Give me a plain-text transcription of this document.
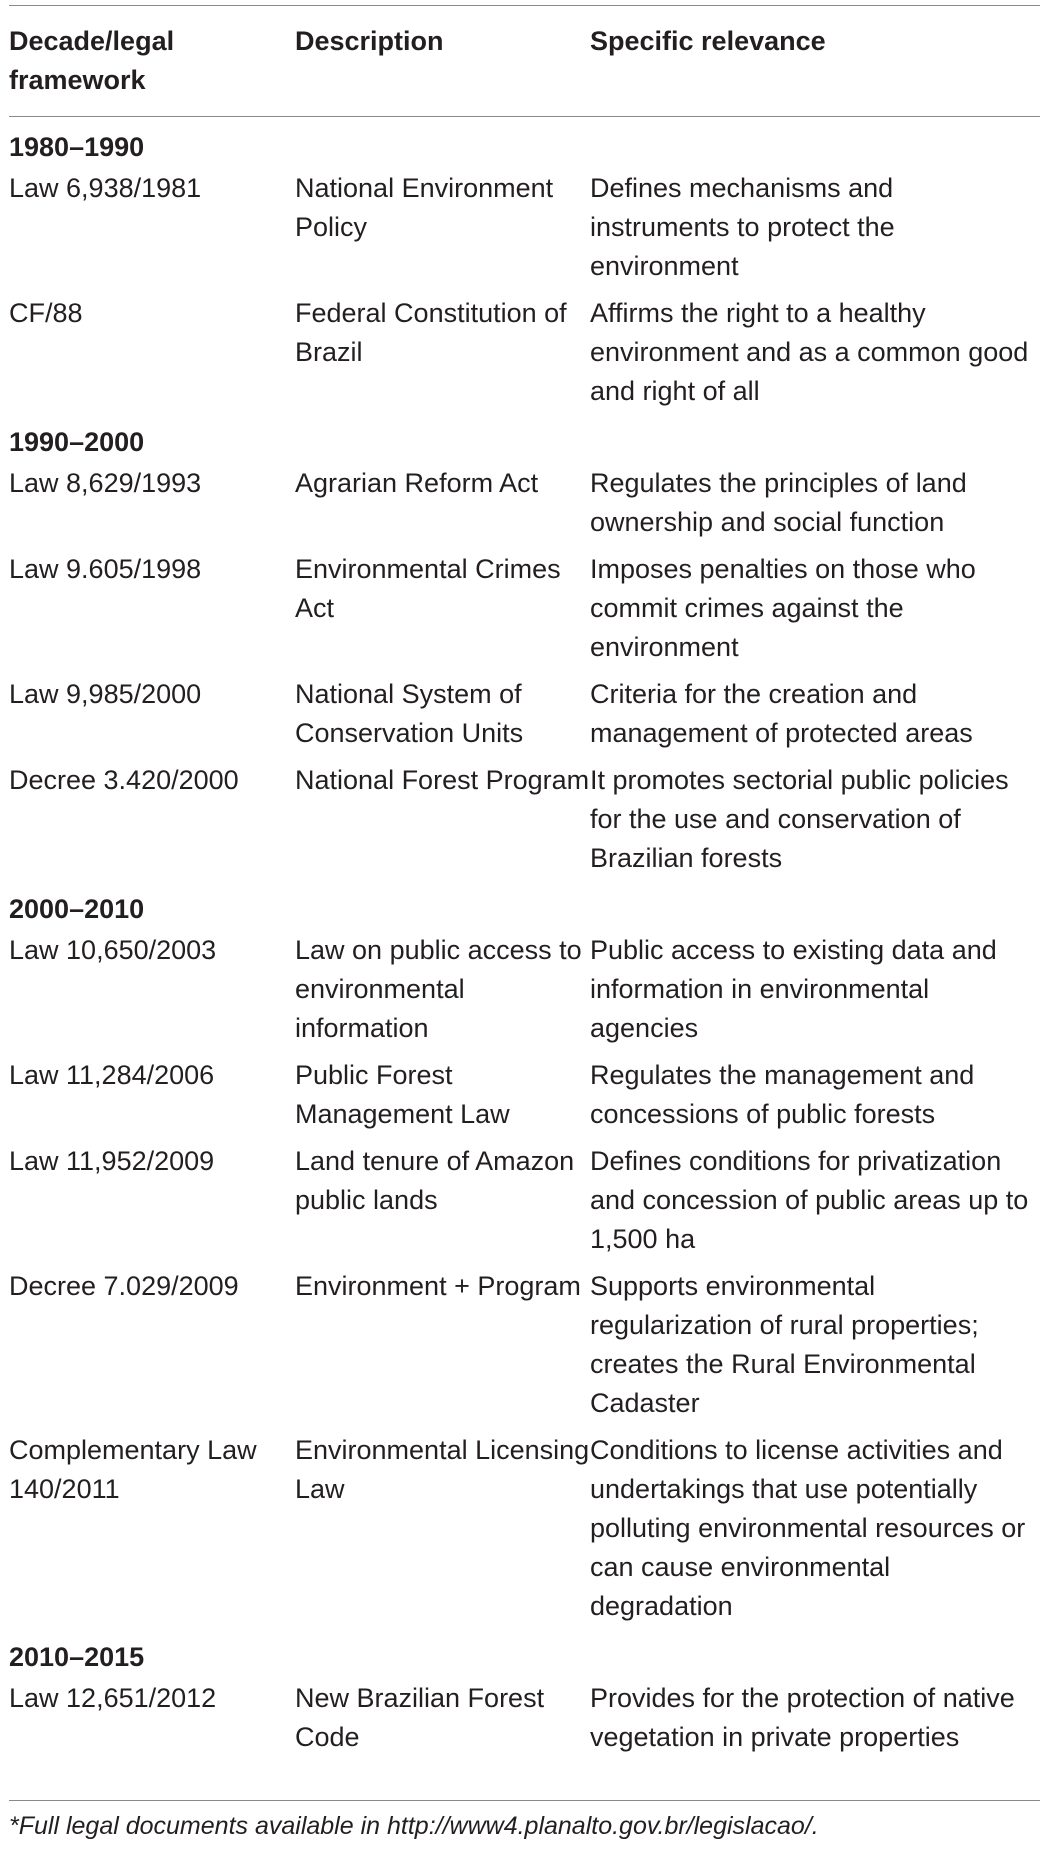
Decade/legal framework	Description	Specific relevance
1980–1990		
Law 6,938/1981	National Environment Policy	Defines mechanisms and instruments to protect the environment
CF/88	Federal Constitution of Brazil	Affirms the right to a healthy environment and as a common good and right of all
1990–2000		
Law 8,629/1993	Agrarian Reform Act	Regulates the principles of land ownership and social function
Law 9.605/1998	Environmental Crimes Act	Imposes penalties on those who commit crimes against the environment
Law 9,985/2000	National System of Conservation Units	Criteria for the creation and management of protected areas
Decree 3.420/2000	National Forest Program	It promotes sectorial public policies for the use and conservation of Brazilian forests
2000–2010		
Law 10,650/2003	Law on public access to environmental information	Public access to existing data and information in environmental agencies
Law 11,284/2006	Public Forest Management Law	Regulates the management and concessions of public forests
Law 11,952/2009	Land tenure of Amazon public lands	Defines conditions for privatization and concession of public areas up to 1,500 ha
Decree 7.029/2009	Environment + Program	Supports environmental regularization of rural properties; creates the Rural Environmental Cadaster
Complementary Law 140/2011	Environmental Licensing Law	Conditions to license activities and undertakings that use potentially polluting environmental resources or can cause environmental degradation
2010–2015		
Law 12,651/2012	New Brazilian Forest Code	Provides for the protection of native vegetation in private properties
*Full legal documents available in http://www4.planalto.gov.br/legislacao/.
